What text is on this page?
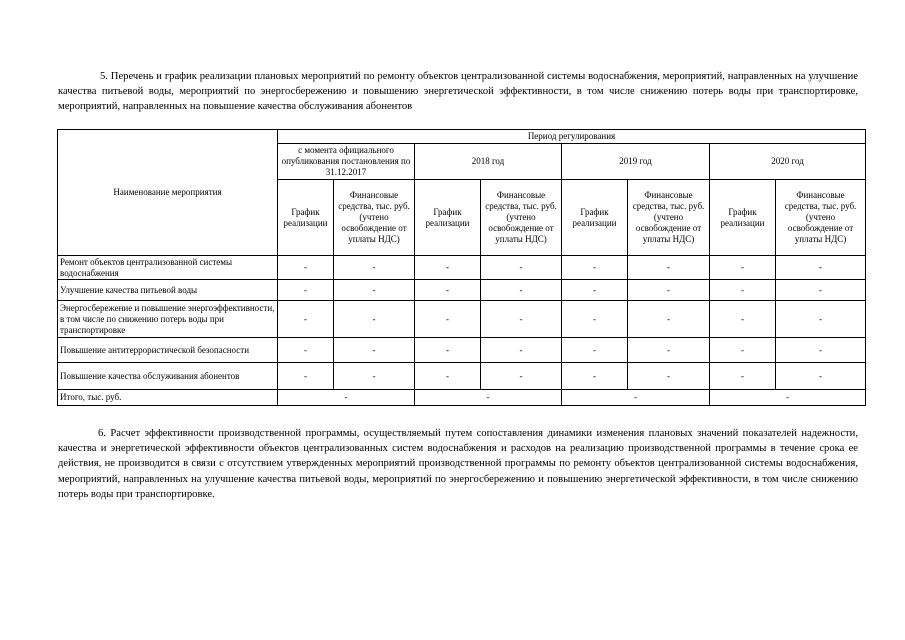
5. Перечень и график реализации плановых мероприятий по ремонту объектов централизованной системы водоснабжения, мероприятий, направленных на улучшение качества питьевой воды, мероприятий по энергосбережению и повышению энергетической эффективности, в том числе снижению потерь воды при транспортировке, мероприятий, направленных на повышение качества обслуживания абонентов
Наименование мероприятия	Период регулирования							
	с момента официального опубликования постановления по 31.12.2017		2018 год		2019 год		2020 год	
	График реализации	Финансовые средства, тыс. руб. (учтено освобождение от уплаты НДС)	График реализации	Финансовые средства, тыс. руб. (учтено освобождение от уплаты НДС)	График реализации	Финансовые средства, тыс. руб. (учтено освобождение от уплаты НДС)	График реализации	Финансовые средства, тыс. руб. (учтено освобождение от уплаты НДС)
Ремонт объектов централизованной системы водоснабжения	-	-	-	-	-	-	-	-
Улучшение качества питьевой воды	-	-	-	-	-	-	-	-
Энергосбережение и повышение энергоэффективности, в том числе по снижению потерь воды при транспортировке	-	-	-	-	-	-	-	-
Повышение антитеррористической безопасности	-	-	-	-	-	-	-	-
Повышение качества обслуживания абонентов	-	-	-	-	-	-	-	-
Итого, тыс. руб.	-		-		-		-	
6. Расчет эффективности производственной программы, осуществляемый путем сопоставления динамики изменения плановых значений показателей надежности, качества и энергетической эффективности объектов централизованных систем водоснабжения и расходов на реализацию производственной программы в течение срока ее действия, не производится в связи с отсутствием утвержденных мероприятий производственной программы по ремонту объектов централизованной системы водоснабжения, мероприятий, направленных на улучшение качества питьевой воды, мероприятий по энергосбережению и повышению энергетической эффективности, в том числе снижению потерь воды при транспортировке.
